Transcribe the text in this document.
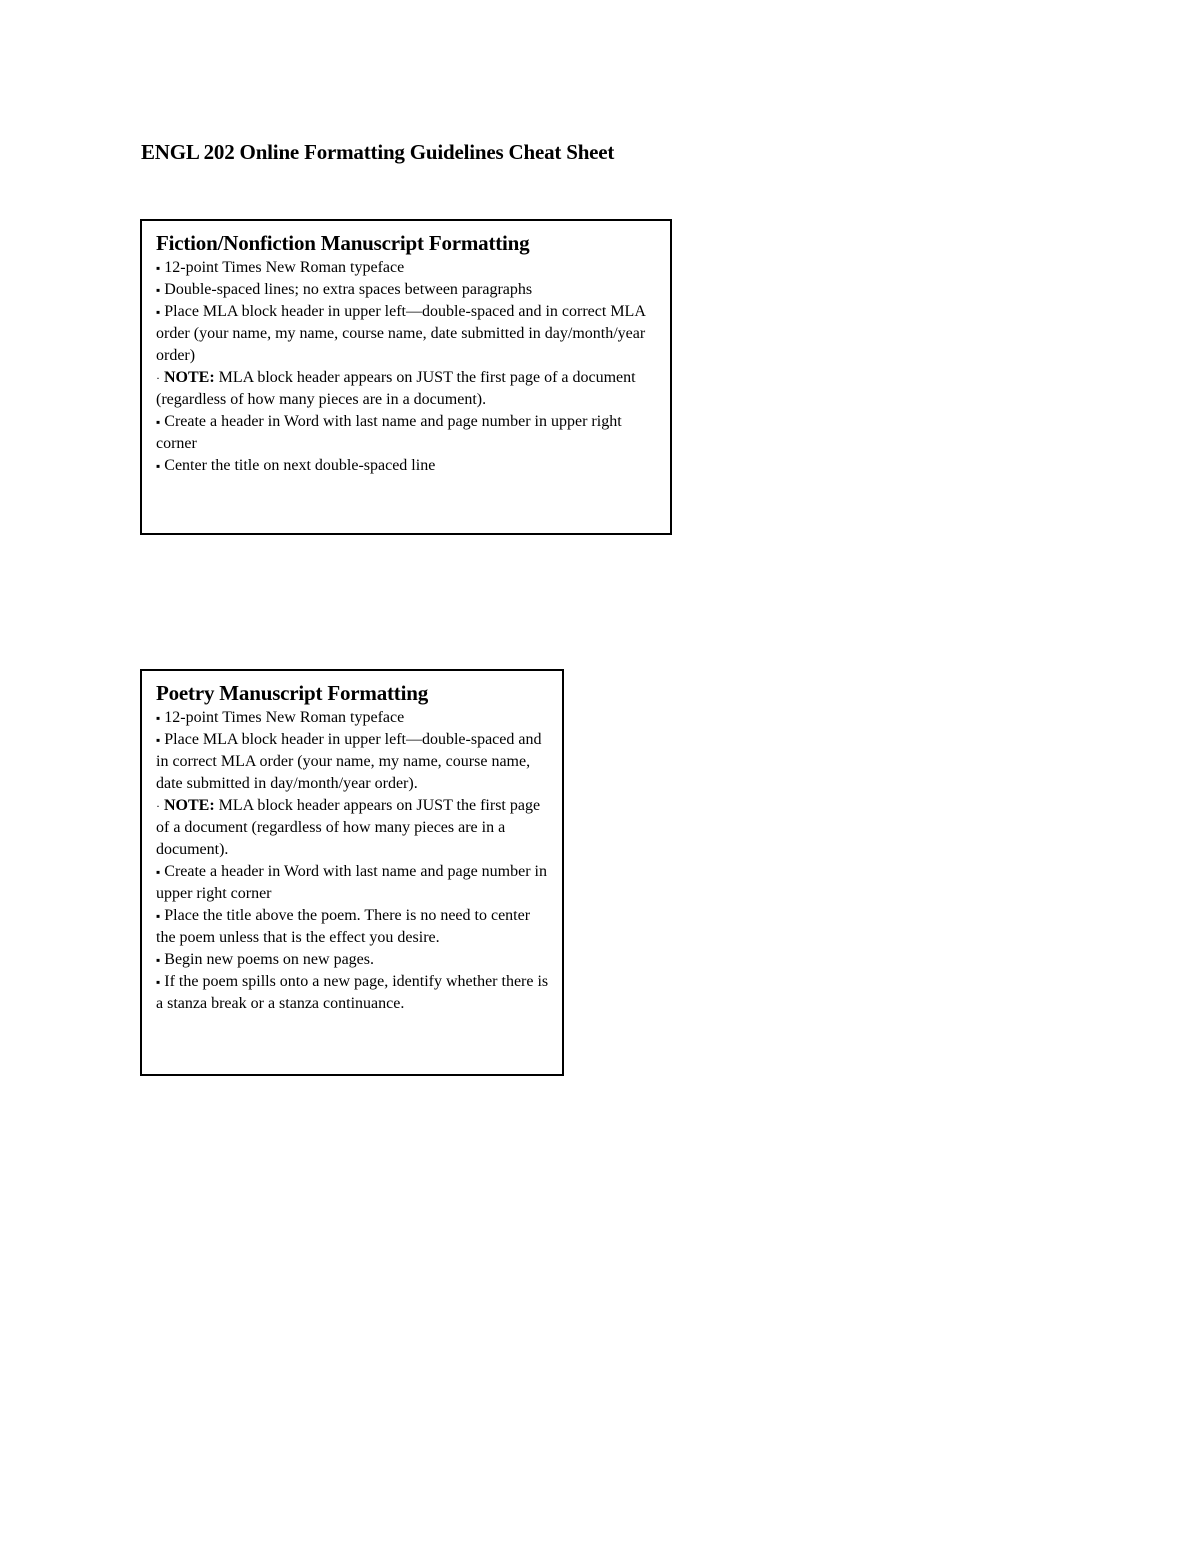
ENGL 202 Online Formatting Guidelines Cheat Sheet
Fiction/Nonfiction Manuscript Formatting
▪ 12-point Times New Roman typeface
▪ Double-spaced lines; no extra spaces between paragraphs
▪ Place MLA block header in upper left—double-spaced and in correct MLA order (your name, my name, course name, date submitted in day/month/year order)
· NOTE: MLA block header appears on JUST the first page of a document (regardless of how many pieces are in a document).
▪ Create a header in Word with last name and page number in upper right corner
▪ Center the title on next double-spaced line
Poetry Manuscript Formatting
▪ 12-point Times New Roman typeface
▪ Place MLA block header in upper left—double-spaced and in correct MLA order (your name, my name, course name, date submitted in day/month/year order).
· NOTE: MLA block header appears on JUST the first page of a document (regardless of how many pieces are in a document).
▪ Create a header in Word with last name and page number in upper right corner
▪ Place the title above the poem. There is no need to center the poem unless that is the effect you desire.
▪ Begin new poems on new pages.
▪ If the poem spills onto a new page, identify whether there is a stanza break or a stanza continuance.
